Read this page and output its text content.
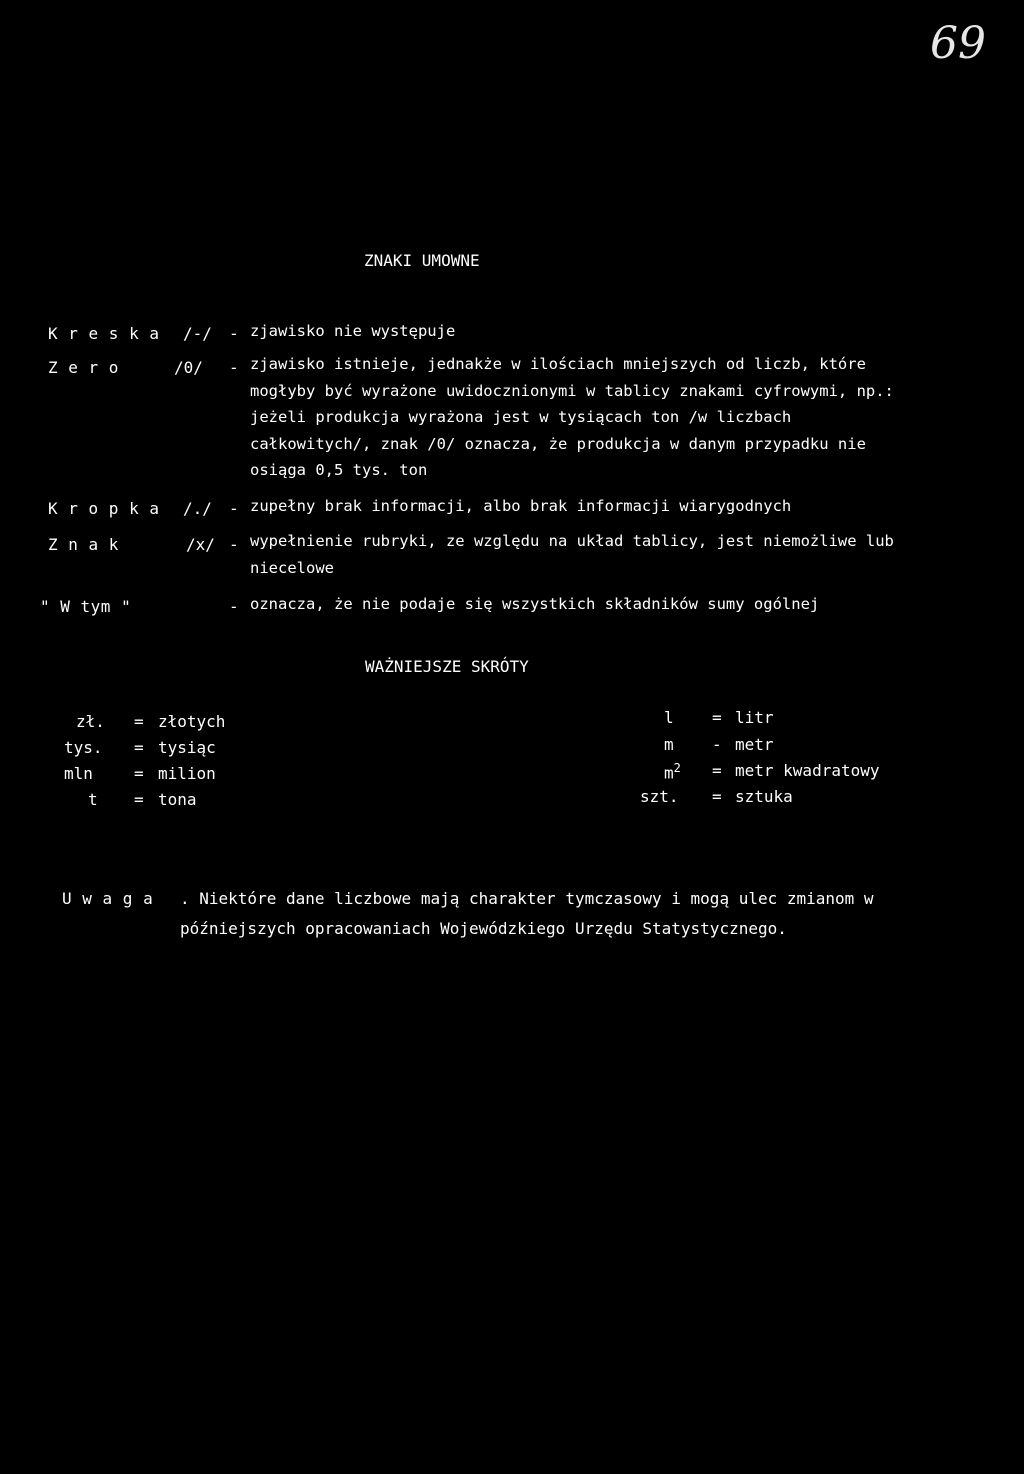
69
ZNAKI UMOWNE
K r e s k a /-/ - zjawisko nie występuje
Z e r o	/0/ - zjawisko istnieje, jednakże w ilościach mniejszych od liczb, które mogłyby być wyrażone uwidocznionymi w tablicy znakami cyfrowymi, np.: jeżeli produkcja wyrażona jest w tysiącach ton /w liczbach całkowitych/, znak /0/ oznacza, że produkcja w danym przypadku nie osiąga 0,5 tys. ton
K r o p k a /./ - zupełny brak informacji, albo brak informacji wiarygodnych
Z n a k	/x/ - wypełnienie rubryki, ze względu na układ tablicy, jest niemożliwe lub niecelowe
" W tym "	- oznacza, że nie podaje się wszystkich składników sumy ogólnej
WAŻNIEJSZE SKRÓTY
zł. = złotych
tys. = tysiąc
mln	= milion
t = tona
l = litr
m - metr
$m^2$ = metr kwadratowy
szt. = sztuka
U w a g a . Niektóre dane liczbowe mają charakter tymczasowy i mogą ulec zmianom w późniejszych opracowaniach Wojewódzkiego Urzędu Statystycznego.
